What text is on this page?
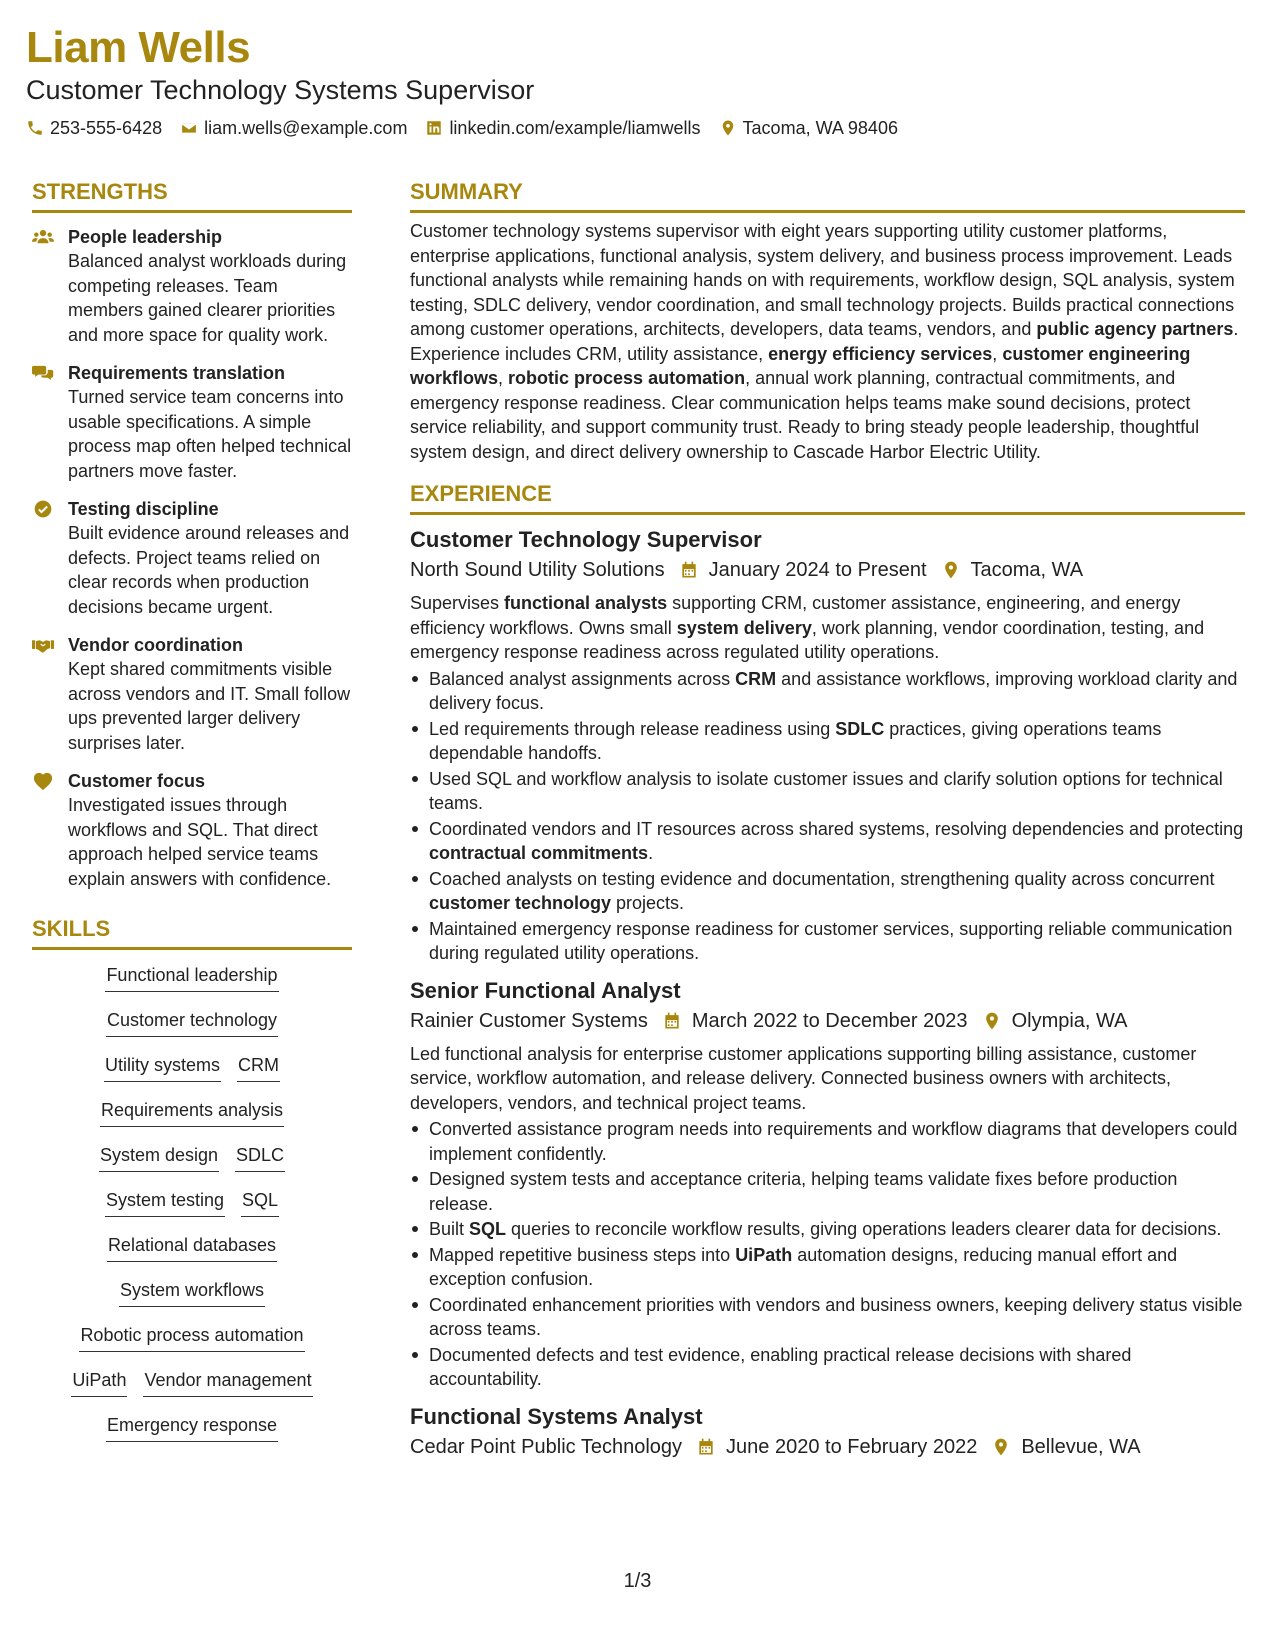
Liam Wells
Customer Technology Systems Supervisor
253-555-6428 liam.wells@example.com linkedin.com/example/liamwells Tacoma, WA 98406
STRENGTHS
People leadership
Balanced analyst workloads during competing releases. Team members gained clearer priorities and more space for quality work.
Requirements translation
Turned service team concerns into usable specifications. A simple process map often helped technical partners move faster.
Testing discipline
Built evidence around releases and defects. Project teams relied on clear records when production decisions became urgent.
Vendor coordination
Kept shared commitments visible across vendors and IT. Small follow ups prevented larger delivery surprises later.
Customer focus
Investigated issues through workflows and SQL. That direct approach helped service teams explain answers with confidence.
SKILLS
Functional leadership
Customer technology
Utility systems CRM
Requirements analysis
System design SDLC
System testing SQL
Relational databases
System workflows
Robotic process automation
UiPath Vendor management
Emergency response
SUMMARY
Customer technology systems supervisor with eight years supporting utility customer platforms, enterprise applications, functional analysis, system delivery, and business process improvement. Leads functional analysts while remaining hands on with requirements, workflow design, SQL analysis, system testing, SDLC delivery, vendor coordination, and small technology projects. Builds practical connections among customer operations, architects, developers, data teams, vendors, and public agency partners. Experience includes CRM, utility assistance, energy efficiency services, customer engineering workflows, robotic process automation, annual work planning, contractual commitments, and emergency response readiness. Clear communication helps teams make sound decisions, protect service reliability, and support community trust. Ready to bring steady people leadership, thoughtful system design, and direct delivery ownership to Cascade Harbor Electric Utility.
EXPERIENCE
Customer Technology Supervisor
North Sound Utility Solutions January 2024 to Present Tacoma, WA
Supervises functional analysts supporting CRM, customer assistance, engineering, and energy efficiency workflows. Owns small system delivery, work planning, vendor coordination, testing, and emergency response readiness across regulated utility operations.
Balanced analyst assignments across CRM and assistance workflows, improving workload clarity and delivery focus.
Led requirements through release readiness using SDLC practices, giving operations teams dependable handoffs.
Used SQL and workflow analysis to isolate customer issues and clarify solution options for technical teams.
Coordinated vendors and IT resources across shared systems, resolving dependencies and protecting contractual commitments.
Coached analysts on testing evidence and documentation, strengthening quality across concurrent customer technology projects.
Maintained emergency response readiness for customer services, supporting reliable communication during regulated utility operations.
Senior Functional Analyst
Rainier Customer Systems March 2022 to December 2023 Olympia, WA
Led functional analysis for enterprise customer applications supporting billing assistance, customer service, workflow automation, and release delivery. Connected business owners with architects, developers, vendors, and technical project teams.
Converted assistance program needs into requirements and workflow diagrams that developers could implement confidently.
Designed system tests and acceptance criteria, helping teams validate fixes before production release.
Built SQL queries to reconcile workflow results, giving operations leaders clearer data for decisions.
Mapped repetitive business steps into UiPath automation designs, reducing manual effort and exception confusion.
Coordinated enhancement priorities with vendors and business owners, keeping delivery status visible across teams.
Documented defects and test evidence, enabling practical release decisions with shared accountability.
Functional Systems Analyst
Cedar Point Public Technology June 2020 to February 2022 Bellevue, WA
1/3
